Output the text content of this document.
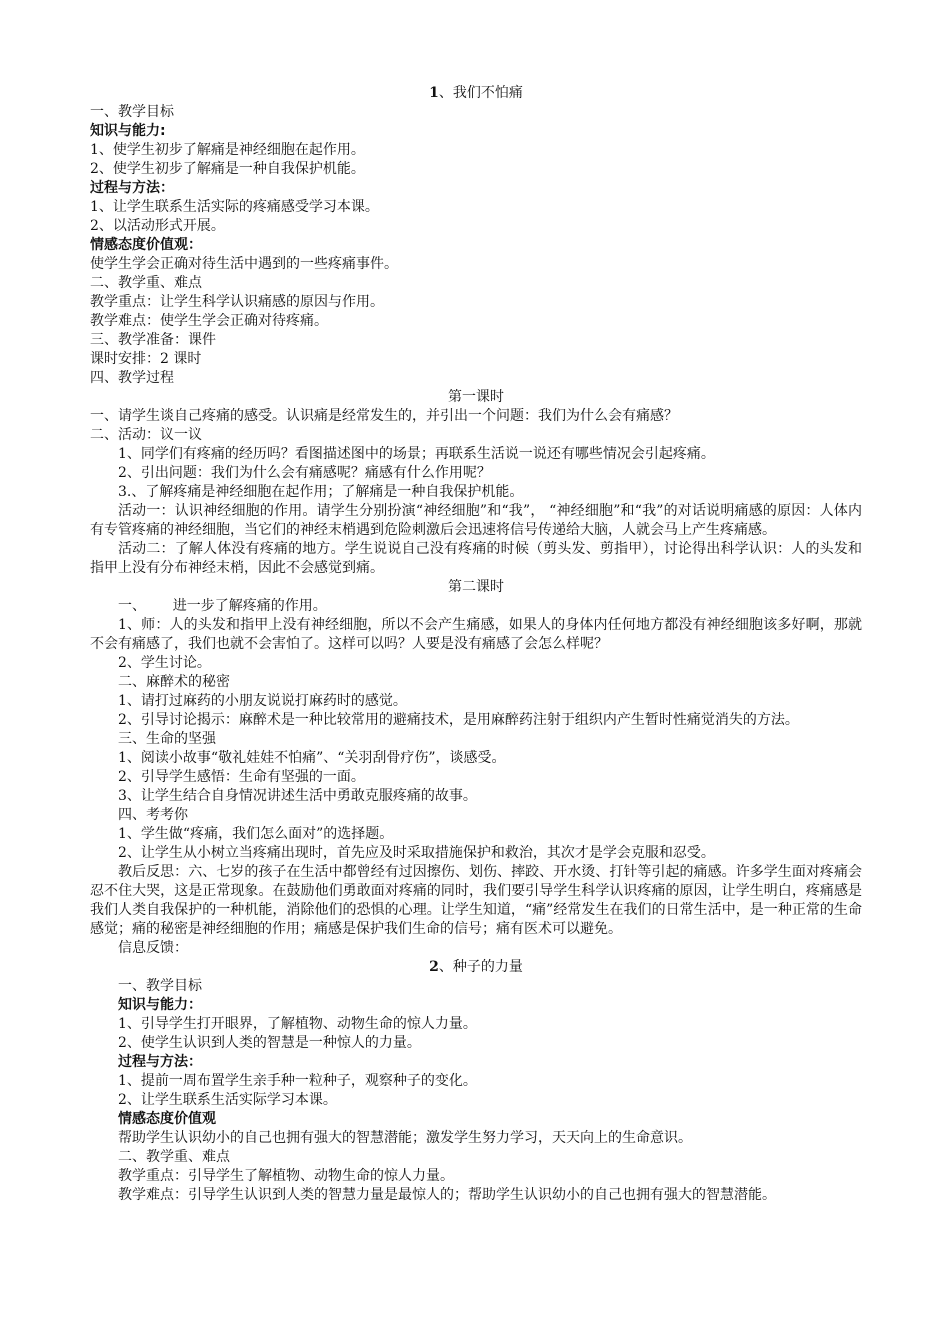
1、我们不怕痛
一、教学目标
知识与能力:
1、使学生初步了解痛是神经细胞在起作用。
2、使学生初步了解痛是一种自我保护机能。
过程与方法：
1、让学生联系生活实际的疼痛感受学习本课。
2、以活动形式开展。
情感态度价值观：
使学生学会正确对待生活中遇到的一些疼痛事件。
二、教学重、难点
教学重点：让学生科学认识痛感的原因与作用。
教学难点：使学生学会正确对待疼痛。
三、教学准备：课件
课时安排：2 课时
四、教学过程
第一课时
一、请学生谈自己疼痛的感受。认识痛是经常发生的，并引出一个问题：我们为什么会有痛感？
二、活动：议一议
1、同学们有疼痛的经历吗？看图描述图中的场景；再联系生活说一说还有哪些情况会引起疼痛。
2、引出问题：我们为什么会有痛感呢？痛感有什么作用呢？
3.、了解疼痛是神经细胞在起作用；了解痛是一种自我保护机能。
活动一：认识神经细胞的作用。请学生分别扮演“神经细胞”和“我”， “神经细胞”和“我”的对话说明痛感的原因：人体内有专管疼痛的神经细胞，当它们的神经末梢遇到危险刺激后会迅速将信号传递给大脑，人就会马上产生疼痛感。
活动二：了解人体没有疼痛的地方。学生说说自己没有疼痛的时候（剪头发、剪指甲），讨论得出科学认识：人的头发和指甲上没有分布神经末梢，因此不会感觉到痛。
第二课时
一、      进一步了解疼痛的作用。
1、师：人的头发和指甲上没有神经细胞，所以不会产生痛感，如果人的身体内任何地方都没有神经细胞该多好啊，那就不会有痛感了，我们也就不会害怕了。这样可以吗？人要是没有痛感了会怎么样呢？
2、学生讨论。
二、麻醉术的秘密
1、请打过麻药的小朋友说说打麻药时的感觉。
2、引导讨论揭示：麻醉术是一种比较常用的避痛技术，是用麻醉药注射于组织内产生暂时性痛觉消失的方法。
三、生命的坚强
1、阅读小故事“敬礼娃娃不怕痛”、“关羽刮骨疗伤”，谈感受。
2、引导学生感悟：生命有坚强的一面。
3、让学生结合自身情况讲述生活中勇敢克服疼痛的故事。
四、考考你
1、学生做“疼痛，我们怎么面对”的选择题。
2、让学生从小树立当疼痛出现时，首先应及时采取措施保护和救治，其次才是学会克服和忍受。
教后反思：六、七岁的孩子在生活中都曾经有过因擦伤、划伤、摔跤、开水烫、打针等引起的痛感。许多学生面对疼痛会忍不住大哭，这是正常现象。在鼓励他们勇敢面对疼痛的同时，我们要引导学生科学认识疼痛的原因，让学生明白，疼痛感是我们人类自我保护的一种机能，消除他们的恐惧的心理。让学生知道，“痛”经常发生在我们的日常生活中，是一种正常的生命感觉；痛的秘密是神经细胞的作用；痛感是保护我们生命的信号；痛有医术可以避免。
信息反馈：
2、种子的力量
一、教学目标
知识与能力：
1、引导学生打开眼界，了解植物、动物生命的惊人力量。
2、使学生认识到人类的智慧是一种惊人的力量。
过程与方法：
1、提前一周布置学生亲手种一粒种子，观察种子的变化。
2、让学生联系生活实际学习本课。
情感态度价值观
帮助学生认识幼小的自己也拥有强大的智慧潜能；激发学生努力学习，天天向上的生命意识。
二、教学重、难点
教学重点：引导学生了解植物、动物生命的惊人力量。
教学难点：引导学生认识到人类的智慧力量是最惊人的；帮助学生认识幼小的自己也拥有强大的智慧潜能。
